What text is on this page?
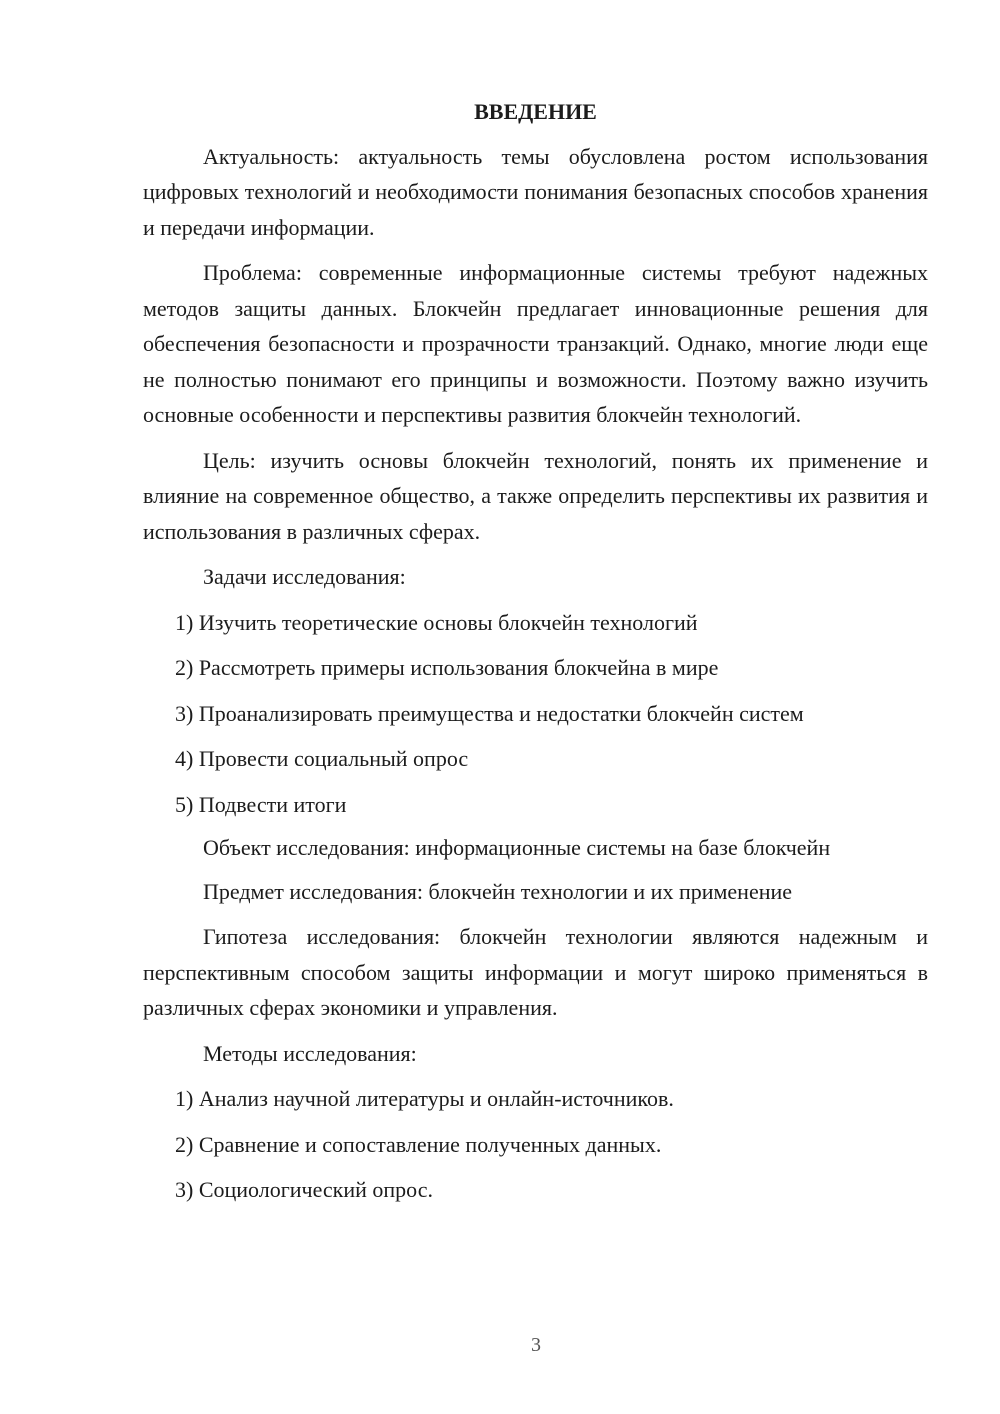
ВВЕДЕНИЕ

Актуальность: актуальность темы обусловлена ростом использования цифровых технологий и необходимости понимания безопасных способов хранения и передачи информации.

Проблема: современные информационные системы требуют надежных методов защиты данных. Блокчейн предлагает инновационные решения для обеспечения безопасности и прозрачности транзакций. Однако, многие люди еще не полностью понимают его принципы и возможности. Поэтому важно изучить основные особенности и перспективы развития блокчейн технологий.

Цель: изучить основы блокчейн технологий, понять их применение и влияние на современное общество, а также определить перспективы их развития и использования в различных сферах.

Задачи исследования:

1) Изучить теоретические основы блокчейн технологий

2) Рассмотреть примеры использования блокчейна в мире

3) Проанализировать преимущества и недостатки блокчейн систем

4) Провести социальный опрос

5) Подвести итоги

Объект исследования: информационные системы на базе блокчейн

Предмет исследования: блокчейн технологии и их применение

Гипотеза исследования: блокчейн технологии являются надежным и перспективным способом защиты информации и могут широко применяться в различных сферах экономики и управления.

Методы исследования:

1) Анализ научной литературы и онлайн-источников.

2) Сравнение и сопоставление полученных данных.

3) Социологический опрос.

3
